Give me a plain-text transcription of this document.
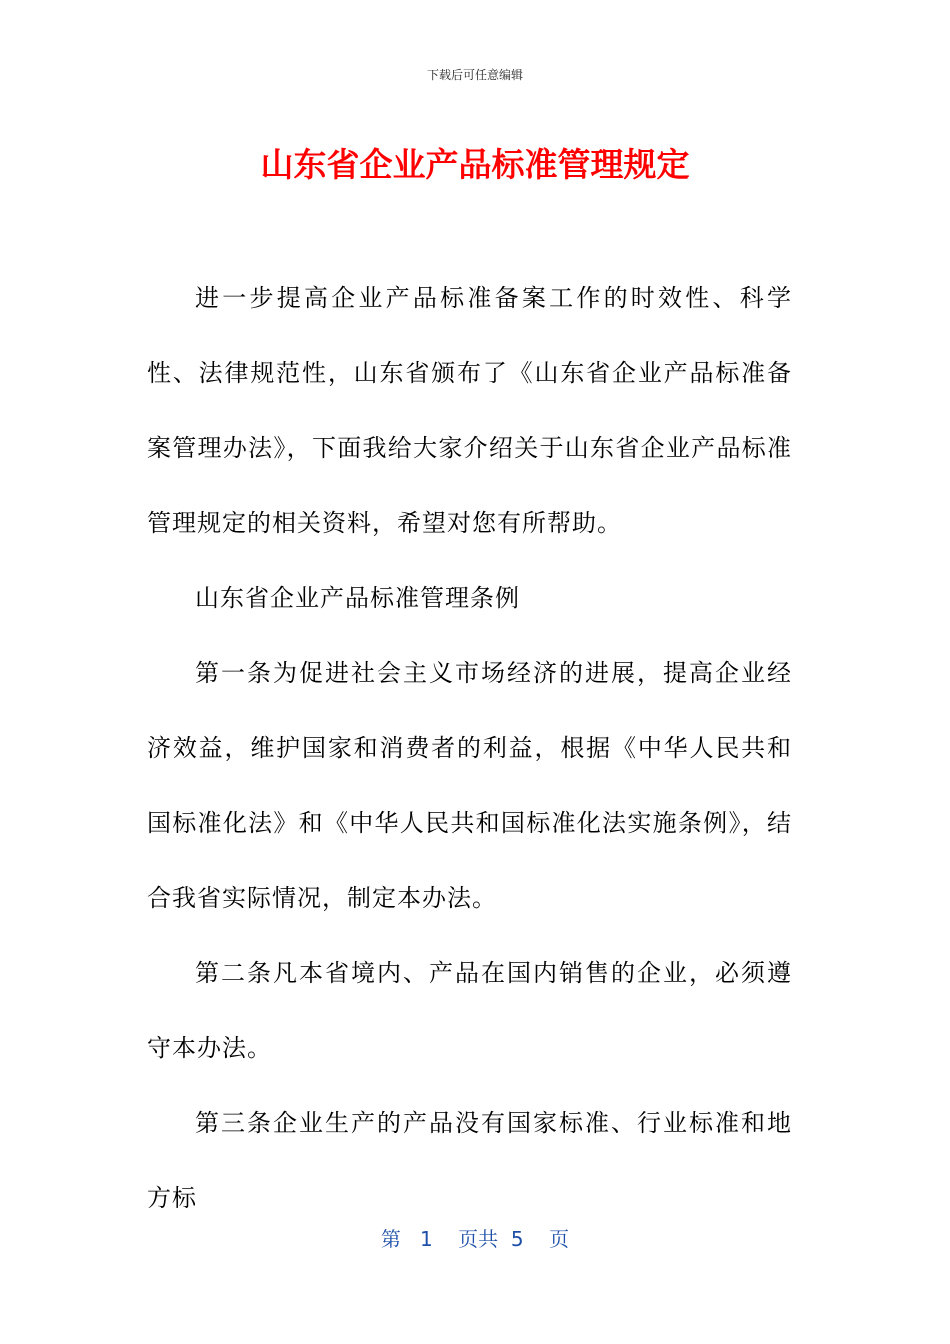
下载后可任意编辑
山东省企业产品标准管理规定

进一步提高企业产品标准备案工作的时效性、科学性、法律规范性，山东省颁布了《山东省企业产品标准备案管理办法》，下面我给大家介绍关于山东省企业产品标准管理规定的相关资料，希望对您有所帮助。

山东省企业产品标准管理条例

第一条为促进社会主义市场经济的进展，提高企业经济效益，维护国家和消费者的利益，根据《中华人民共和国标准化法》和《中华人民共和国标准化法实施条例》，结合我省实际情况，制定本办法。

第二条凡本省境内、产品在国内销售的企业，必须遵守本办法。

第三条企业生产的产品没有国家标准、行业标准和地方标

第 1 页共 5 页
